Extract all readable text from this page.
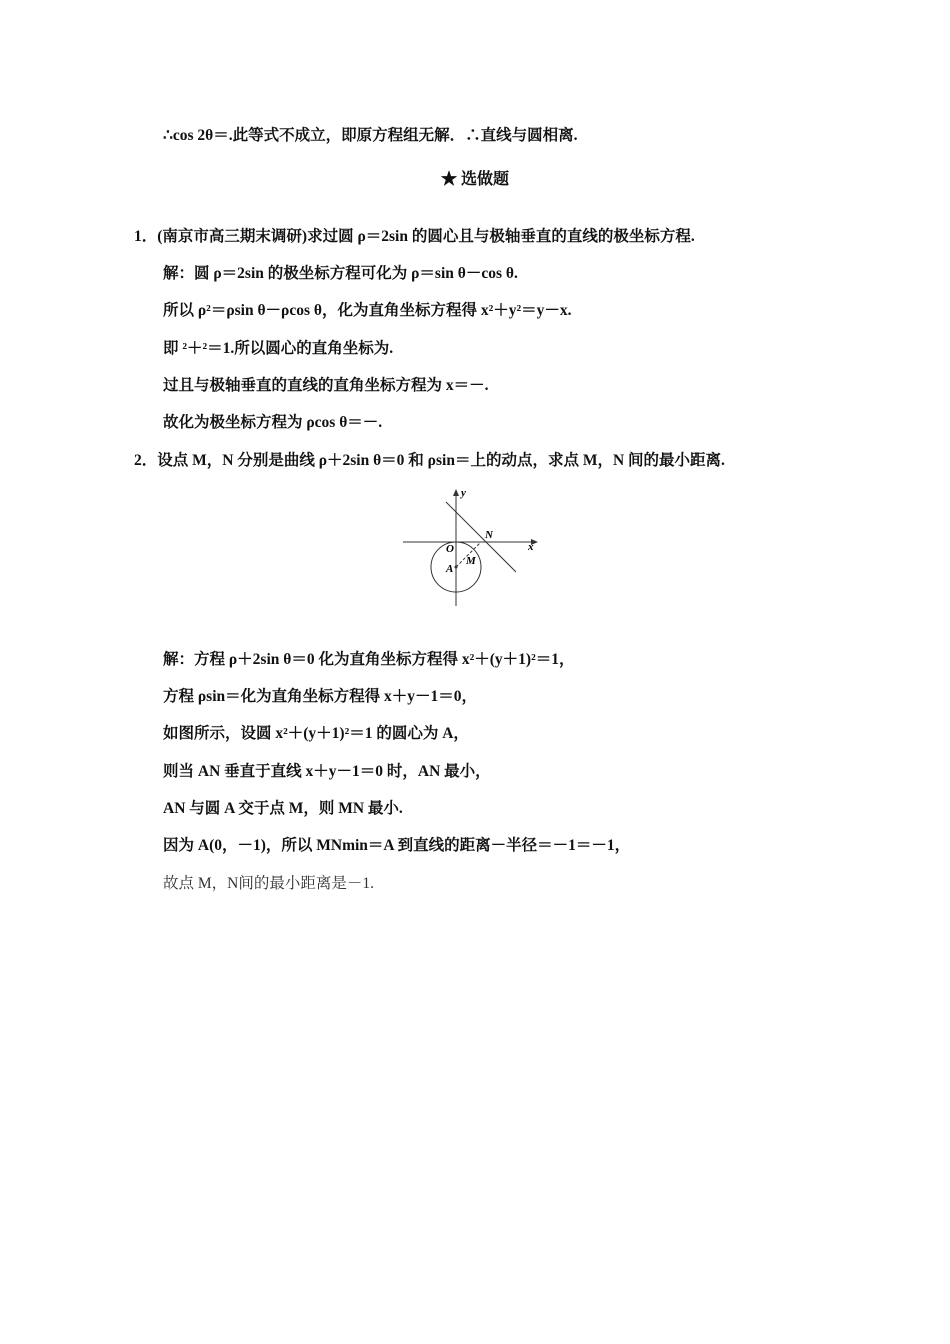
∴cos 2θ＝.此等式不成立，即原方程组无解．∴直线与圆相离.
★ 选做题
1．(南京市高三期末调研)求过圆 ρ＝2sin 的圆心且与极轴垂直的直线的极坐标方程.
解：圆 ρ＝2sin 的极坐标方程可化为 ρ＝sin θ－cos θ.
所以 ρ²＝ρsin θ－ρcos θ，化为直角坐标方程得 x²＋y²＝y－x.
即 ²＋²＝1.所以圆心的直角坐标为.
过且与极轴垂直的直线的直角坐标方程为 x＝－.
故化为极坐标方程为 ρcos θ＝－.
2．设点 M，N 分别是曲线 ρ＋2sin θ＝0 和 ρsin＝上的动点，求点 M，N 间的最小距离.
y
x
O
A
M
N
解：方程 ρ＋2sin θ＝0 化为直角坐标方程得 x²＋(y＋1)²＝1，
方程 ρsin＝化为直角坐标方程得 x＋y－1＝0，
如图所示，设圆 x²＋(y＋1)²＝1 的圆心为 A，
则当 AN 垂直于直线 x＋y－1＝0 时，AN 最小，
AN 与圆 A 交于点 M，则 MN 最小.
因为 A(0，－1)，所以 MNmin＝A 到直线的距离－半径＝－1＝－1，
故点 M，N间的最小距离是－1.
